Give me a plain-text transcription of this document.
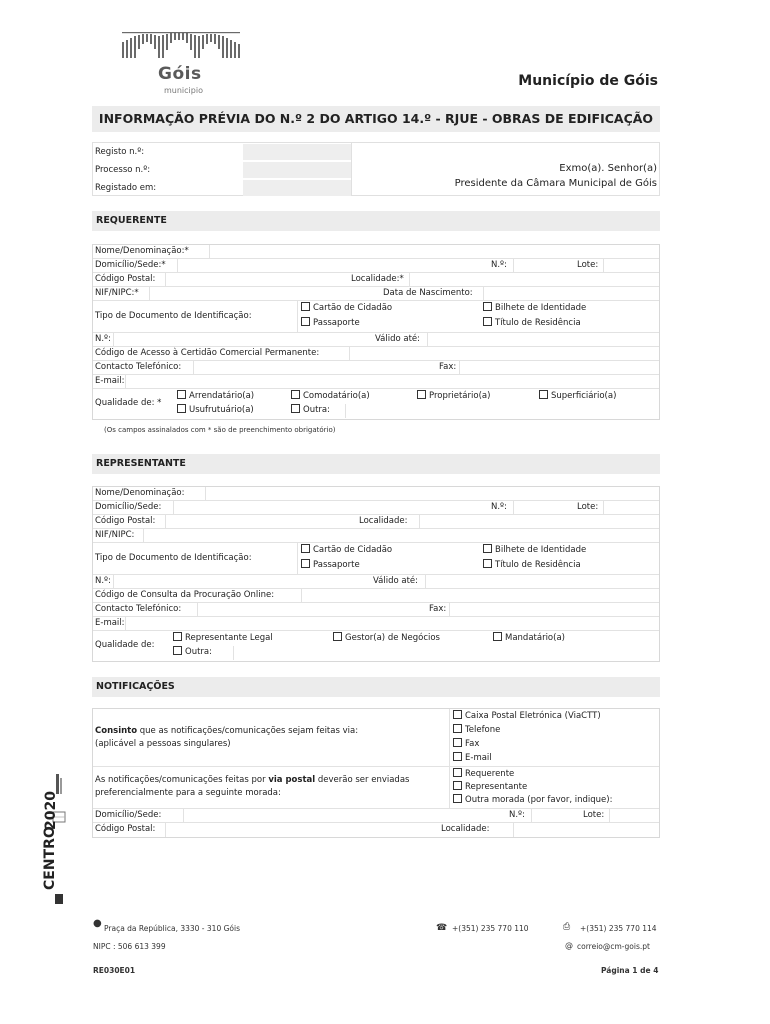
Góis
municipio
Município de Góis
INFORMAÇÃO PRÉVIA DO N.º 2 DO ARTIGO 14.º - RJUE - OBRAS DE EDIFICAÇÃO
Registo n.º:
Processo n.º:
Registado em:
Exmo(a). Senhor(a)
Presidente da Câmara Municipal de Góis
REQUERENTE
Nome/Denominação:*
Domicílio/Sede:*	N.º:	Lote:
Código Postal:	Localidade:*
NIF/NIPC:*	Data de Nascimento:
Tipo de Documento de Identificação:
Cartão de Cidadão	Bilhete de Identidade
Passaporte	Título de Residência
N.º:	Válido até:
Código de Acesso à Certidão Comercial Permanente:
Contacto Telefónico:	Fax:
E-mail:
Qualidade de: *
Arrendatário(a)	Comodatário(a)	Proprietário(a)	Superficiário(a)
Usufrutuário(a)	Outra:
(Os campos assinalados com * são de preenchimento obrigatório)
REPRESENTANTE
Nome/Denominação:
Domicílio/Sede:	N.º:	Lote:
Código Postal:	Localidade:
NIF/NIPC:
Tipo de Documento de Identificação:
Cartão de Cidadão	Bilhete de Identidade
Passaporte	Título de Residência
N.º:	Válido até:
Código de Consulta da Procuração Online:
Contacto Telefónico:	Fax:
E-mail:
Qualidade de:
Representante Legal	Gestor(a) de Negócios	Mandatário(a)
Outra:
NOTIFICAÇÕES
Consinto que as notificações/comunicações sejam feitas via:
(aplicável a pessoas singulares)
Caixa Postal Eletrónica (ViaCTT)
Telefone
Fax
E-mail
As notificações/comunicações feitas por via postal deverão ser enviadas
preferencialmente para a seguinte morada:
Requerente
Representante
Outra morada (por favor, indique):
Domicílio/Sede:	N.º:	Lote:
Código Postal:	Localidade:
CENTRO
2020
● Praça da República, 3330 - 310 Góis
NIPC : 506 613 399
☎ +(351) 235 770 110	⎙ +(351) 235 770 114
@ correio@cm-gois.pt
RE030E01	Página 1 de 4
